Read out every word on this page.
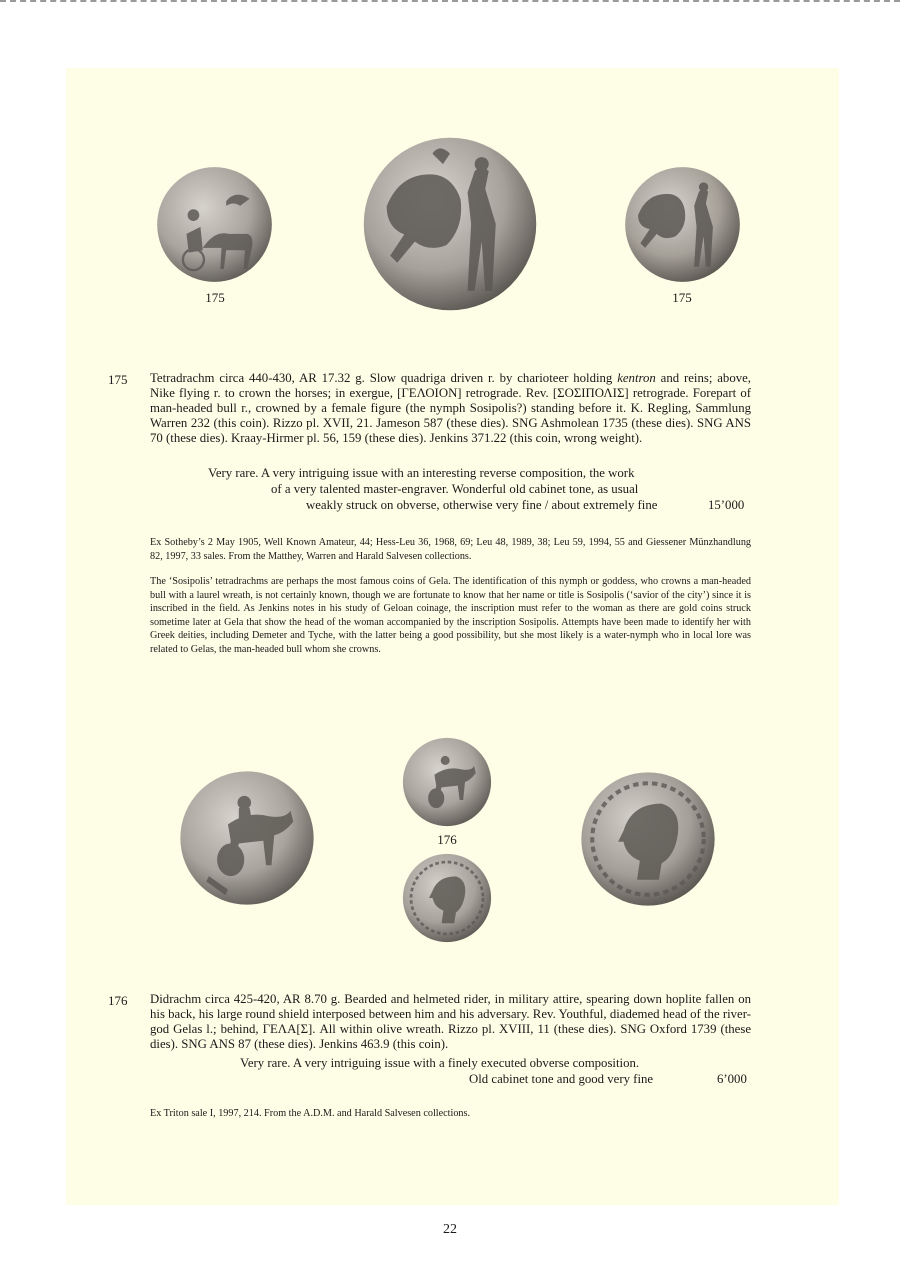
175	175
175 Tetradrachm circa 440-430, AR 17.32 g. Slow quadriga driven r. by charioteer holding kentron and reins; above, Nike flying r. to crown the horses; in exergue, [ΓΕΛΟΙΟΝ] retrograde. Rev. [ΣΟΣΙΠΟΛΙΣ] retrograde. Forepart of man-headed bull r., crowned by a female figure (the nymph Sosipolis?) standing before it. K. Regling, Sammlung Warren 232 (this coin). Rizzo pl. XVII, 21. Jameson 587 (these dies). SNG Ashmolean 1735 (these dies). SNG ANS 70 (these dies). Kraay-Hirmer pl. 56, 159 (these dies). Jenkins 371.22 (this coin, wrong weight).
Very rare. A very intriguing issue with an interesting reverse composition, the work
of a very talented master-engraver. Wonderful old cabinet tone, as usual
weakly struck on obverse, otherwise very fine / about extremely fine	15’000
Ex Sotheby’s 2 May 1905, Well Known Amateur, 44; Hess-Leu 36, 1968, 69; Leu 48, 1989, 38; Leu 59, 1994, 55 and Giessener Münzhandlung 82, 1997, 33 sales. From the Matthey, Warren and Harald Salvesen collections.
The ‘Sosipolis’ tetradrachms are perhaps the most famous coins of Gela. The identification of this nymph or goddess, who crowns a man-headed bull with a laurel wreath, is not certainly known, though we are fortunate to know that her name or title is Sosipolis (‘savior of the city’) since it is inscribed in the field. As Jenkins notes in his study of Geloan coinage, the inscription must refer to the woman as there are gold coins struck sometime later at Gela that show the head of the woman accompanied by the inscription Sosipolis. Attempts have been made to identify her with Greek deities, including Demeter and Tyche, with the latter being a good possibility, but she most likely is a water-nymph who in local lore was related to Gelas, the man-headed bull whom she crowns.
176
176 Didrachm circa 425-420, AR 8.70 g. Bearded and helmeted rider, in military attire, spearing down hoplite fallen on his back, his large round shield interposed between him and his adversary. Rev. Youthful, diademed head of the river-god Gelas l.; behind, ΓΕΛΑ[Σ]. All within olive wreath. Rizzo pl. XVIII, 11 (these dies). SNG Oxford 1739 (these dies). SNG ANS 87 (these dies). Jenkins 463.9 (this coin).
Very rare. A very intriguing issue with a finely executed obverse composition.
Old cabinet tone and good very fine	6’000
Ex Triton sale I, 1997, 214. From the A.D.M. and Harald Salvesen collections.
22
